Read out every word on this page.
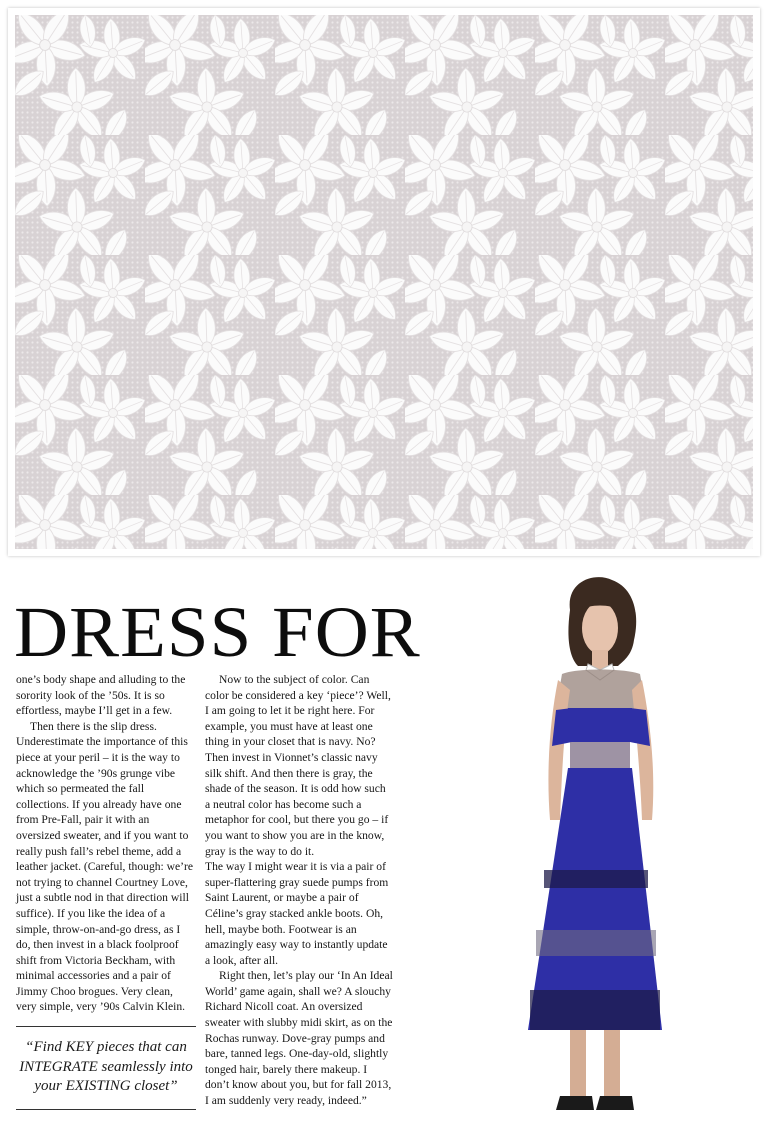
DRESS FOR

one’s body shape and alluding to the sorority look of the ’50s. It is so effortless, maybe I’ll get in a few.

Then there is the slip dress. Underestimate the importance of this piece at your peril – it is the way to acknowledge the ’90s grunge vibe which so permeated the fall collections. If you already have one from Pre-Fall, pair it with an oversized sweater, and if you want to really push fall’s rebel theme, add a leather jacket. (Careful, though: we’re not trying to channel Courtney Love, just a subtle nod in that direction will suffice). If you like the idea of a simple, throw-on-and-go dress, as I do, then invest in a black foolproof shift from Victoria Beckham, with minimal accessories and a pair of Jimmy Choo brogues. Very clean, very simple, very ’90s Calvin Klein.

Now to the subject of color. Can color be considered a key ‘piece’? Well, I am going to let it be right here. For example, you must have at least one thing in your closet that is navy. No? Then invest in Vionnet’s classic navy silk shift. And then there is gray, the shade of the season. It is odd how such a neutral color has become such a metaphor for cool, but there you go – if you want to show you are in the know, gray is the way to do it.

The way I might wear it is via a pair of super-flattering gray suede pumps from Saint Laurent, or maybe a pair of Céline’s gray stacked ankle boots. Oh, hell, maybe both. Footwear is an amazingly easy way to instantly update a look, after all.

Right then, let’s play our ‘In An Ideal World’ game again, shall we? A slouchy Richard Nicoll coat. An oversized sweater with slubby midi skirt, as on the Rochas runway. Dove-gray pumps and bare, tanned legs. One-day-old, slightly tonged hair, barely there makeup. I don’t know about you, but for fall 2013, I am suddenly very ready, indeed.”

“Find KEY pieces that can INTEGRATE seamlessly into your EXISTING closet”
